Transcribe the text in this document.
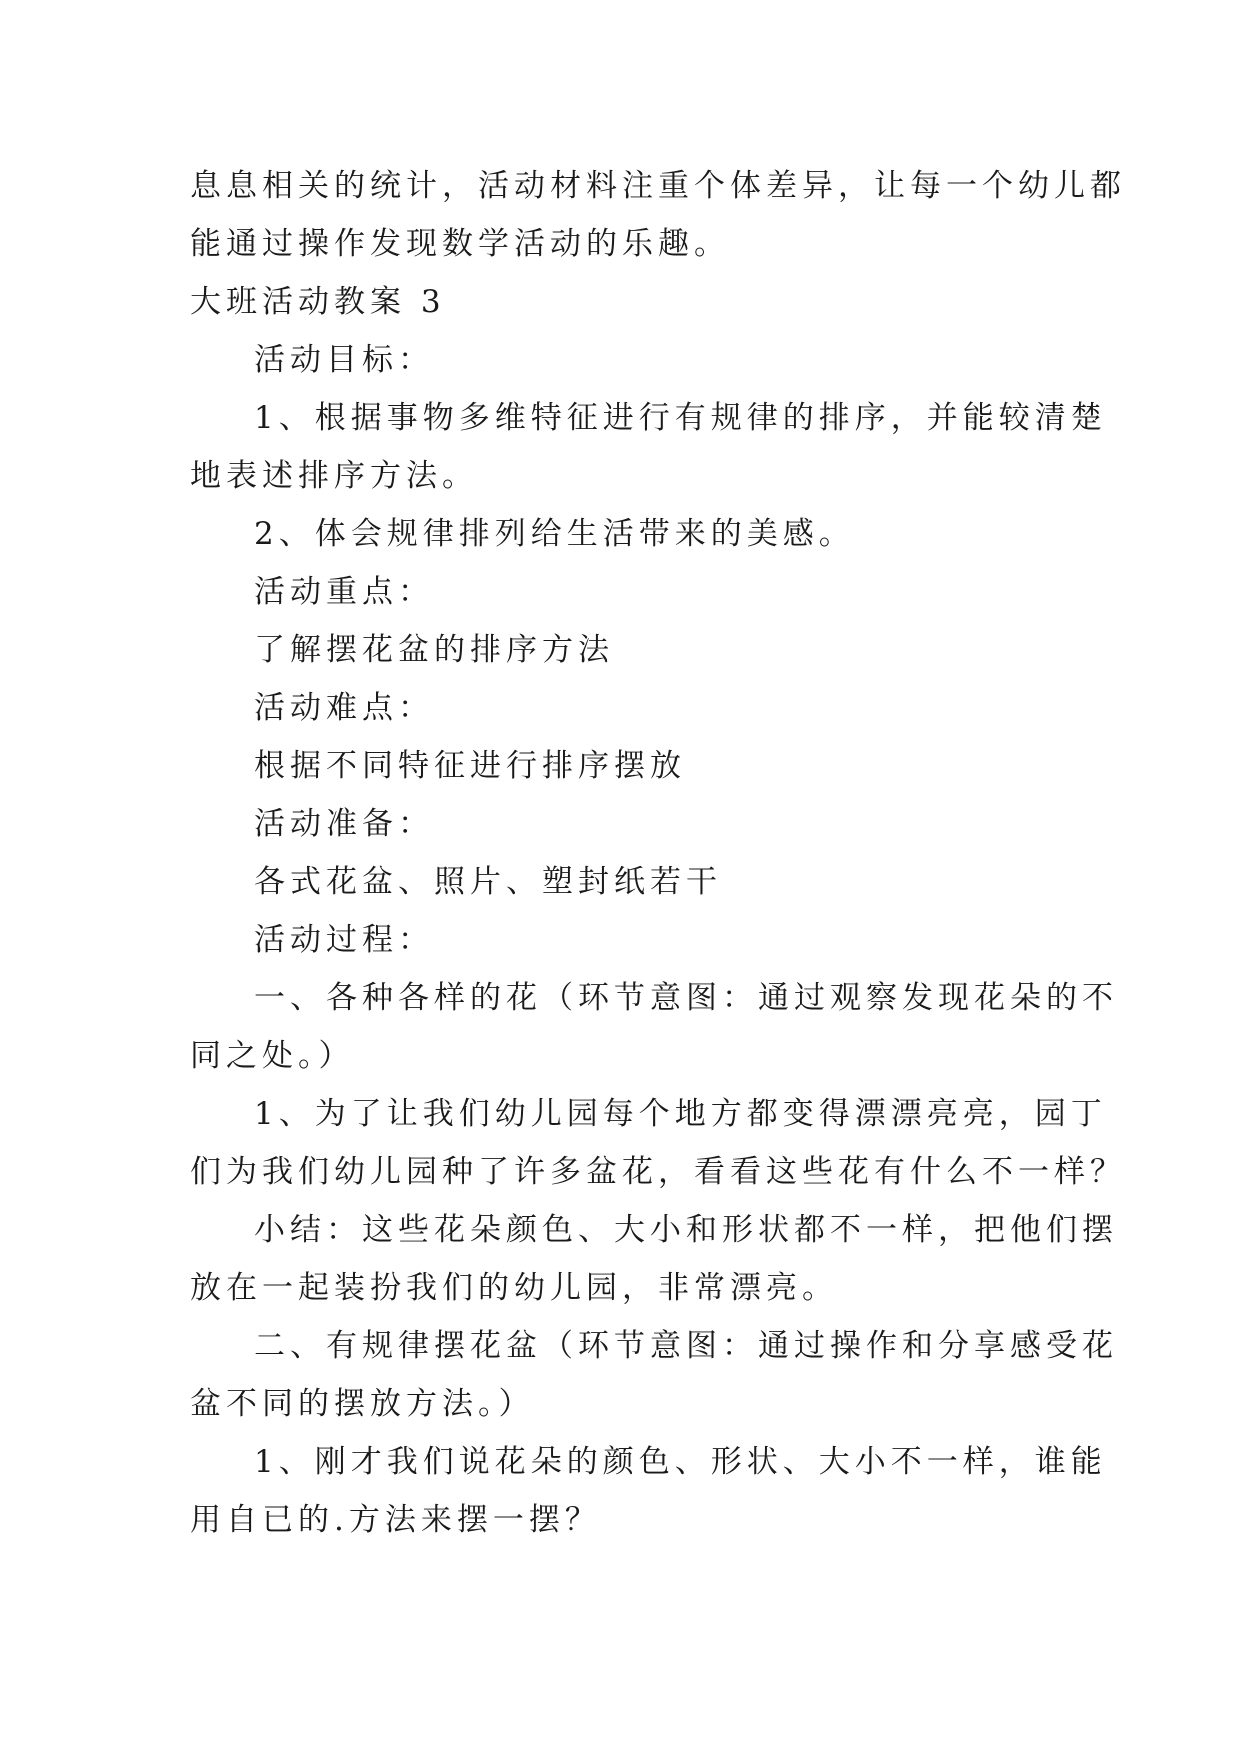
息息相关的统计，活动材料注重个体差异，让每一个幼儿都
能通过操作发现数学活动的乐趣。
大班活动教案 3
活动目标：
1、根据事物多维特征进行有规律的排序，并能较清楚
地表述排序方法。
2、体会规律排列给生活带来的美感。
活动重点：
了解摆花盆的排序方法
活动难点：
根据不同特征进行排序摆放
活动准备：
各式花盆、照片、塑封纸若干
活动过程：
一、各种各样的花（环节意图：通过观察发现花朵的不
同之处。）
1、为了让我们幼儿园每个地方都变得漂漂亮亮，园丁
们为我们幼儿园种了许多盆花，看看这些花有什么不一样？
小结：这些花朵颜色、大小和形状都不一样，把他们摆
放在一起装扮我们的幼儿园，非常漂亮。
二、有规律摆花盆（环节意图：通过操作和分享感受花
盆不同的摆放方法。）
1、刚才我们说花朵的颜色、形状、大小不一样，谁能
用自已的.方法来摆一摆？
